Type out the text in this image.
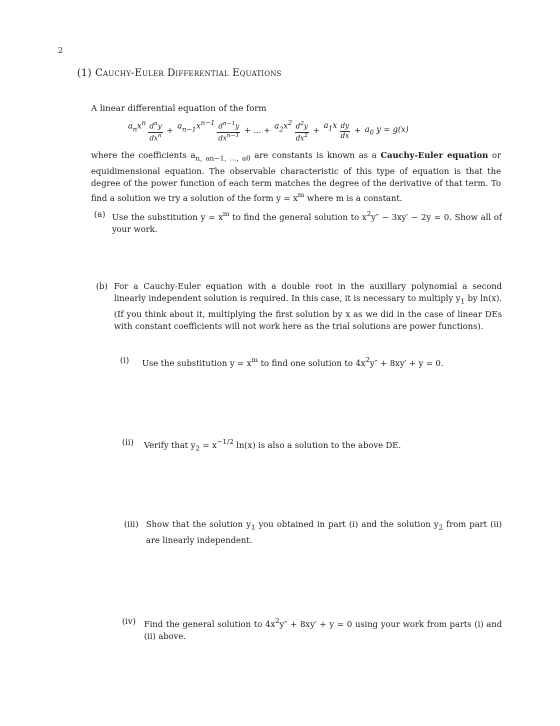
2
(1) Cauchy-Euler Differential Equations
A linear differential equation of the form
$a_nx^n \frac{d^ny}{dx^n} + a_{n-1}x^{n-1} \frac{d^{n-1}y}{dx^{n-1}}$ + ... + $a_2x^2 \frac{d^2y}{dx^2}$ +
$a_1x \frac{dy}{dx} + a_0$ y = g(x)
where the coefficients $a_{n, an-1, ..., a0}$ are constants is known as a Cauchy-Euler equation or equidimensional equation. The observable characteristic of this type of equation is that the degree of the power function of each term matches the degree of the derivative of that term. To find a solution we try a solution of the form $y = x^m$ where m is a constant.
(a) Use the substitution $y = x^m$ to find the general solution to $x^2y'' - 3xy' - 2y = 0$. Show all of your work.
(b) For a Cauchy-Euler equation with a double root in the auxillary polynomial a second linearly independent solution is required. In this case, it is necessary to multiply $y_1$ by ln(x). (If you think about it, multiplying the first solution by x as we did in the case of linear DEs with constant coefficients will not work here as the trial solutions are power functions).
(i) Use the substitution $y = x^m$ to find one solution to $4x^2y'' + 8xy' + y = 0$.
(ii) Verify that $y_2 = x^{-1/2}$ ln(x) is also a solution to the above DE.
(iii) Show that the solution $y_1$ you obtained in part (i) and the solution $y_2$ from part (ii) are linearly independent.
(iv) Find the general solution to $4x^2y'' + 8xy' + y = 0$ using your work from parts (i) and (ii) above.
